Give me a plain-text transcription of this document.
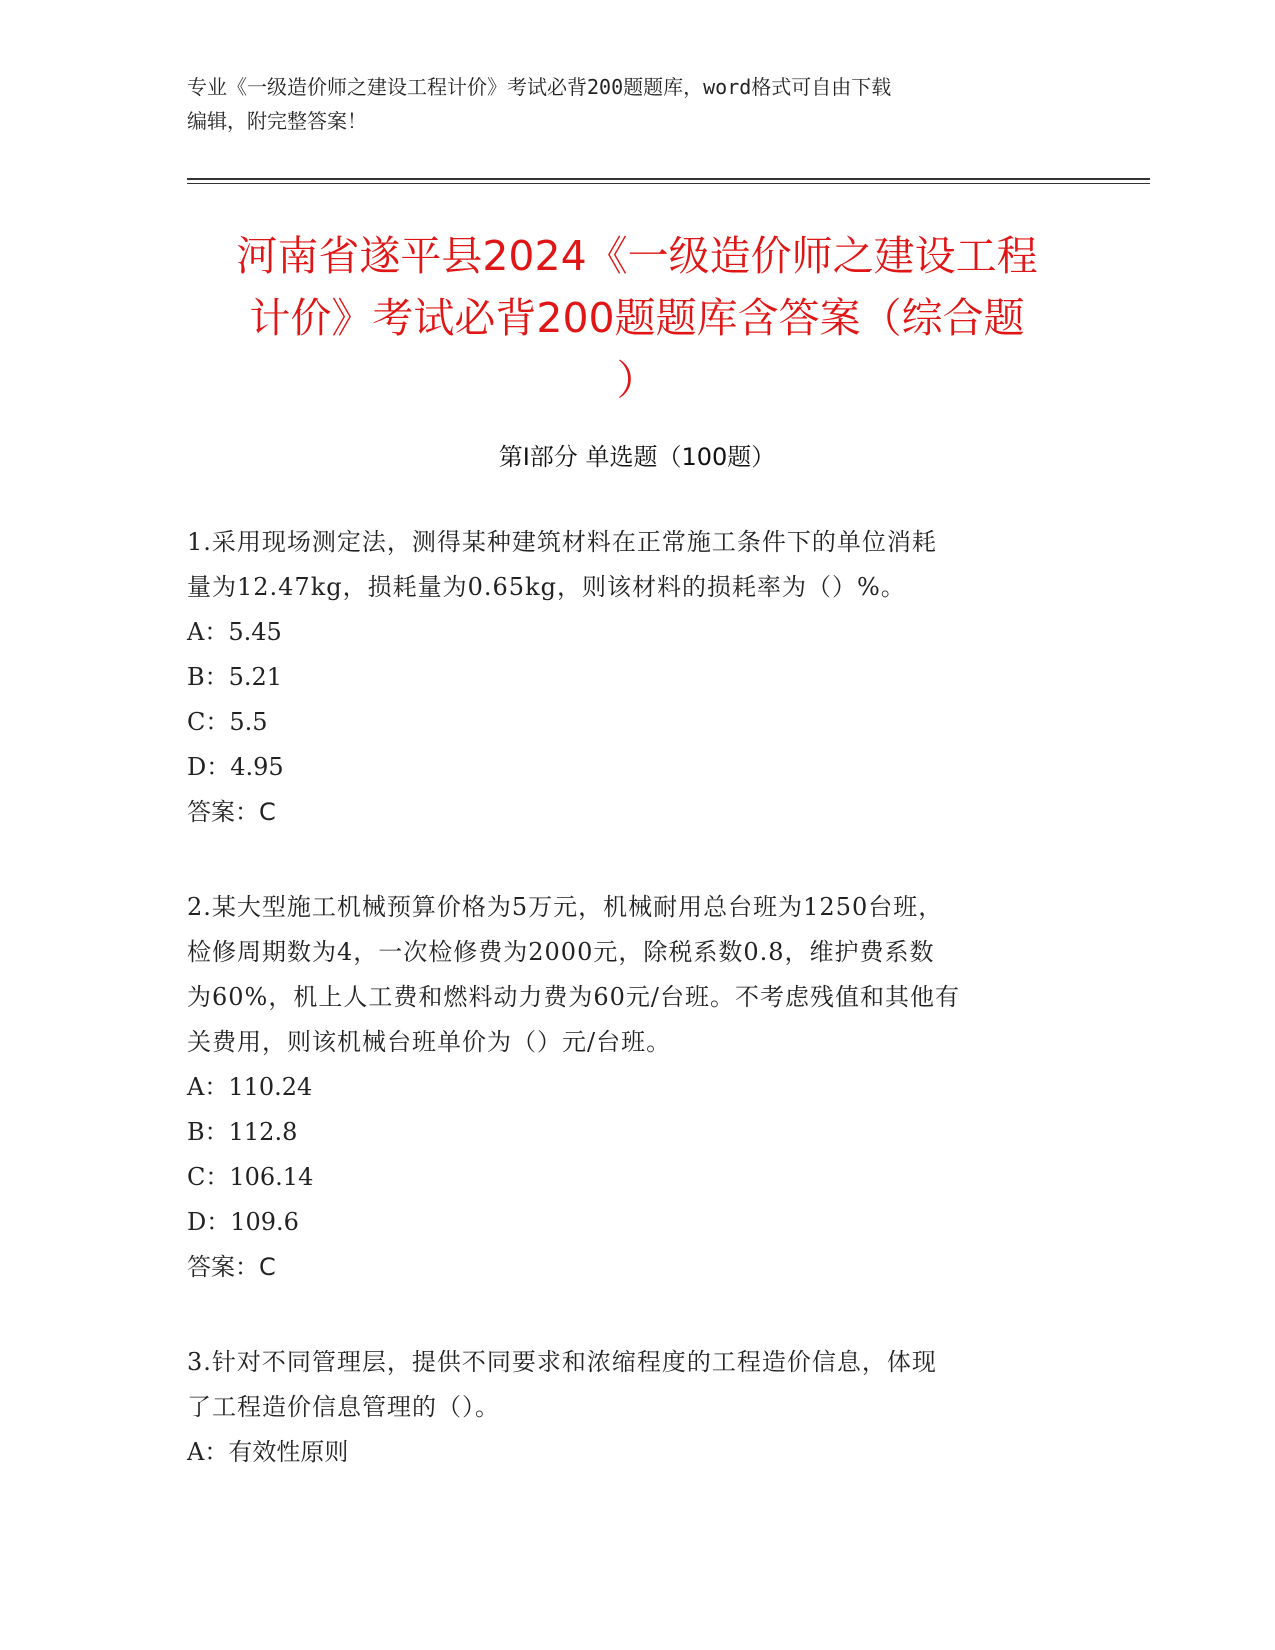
专业《一级造价师之建设工程计价》考试必背200题题库，word格式可自由下载
编辑，附完整答案！
河南省遂平县2024《一级造价师之建设工程
计价》考试必背200题题库含答案（综合题
）
第I部分 单选题（100题）
1.采用现场测定法，测得某种建筑材料在正常施工条件下的单位消耗
量为12.47kg，损耗量为0.65kg，则该材料的损耗率为（）%。
A：5.45
B：5.21
C：5.5
D：4.95
答案：C
2.某大型施工机械预算价格为5万元，机械耐用总台班为1250台班，
检修周期数为4，一次检修费为2000元，除税系数0.8，维护费系数
为60%，机上人工费和燃料动力费为60元/台班。不考虑残值和其他有
关费用，则该机械台班单价为（）元/台班。
A：110.24
B：112.8
C：106.14
D：109.6
答案：C
3.针对不同管理层，提供不同要求和浓缩程度的工程造价信息，体现
了工程造价信息管理的（）。
A：有效性原则
